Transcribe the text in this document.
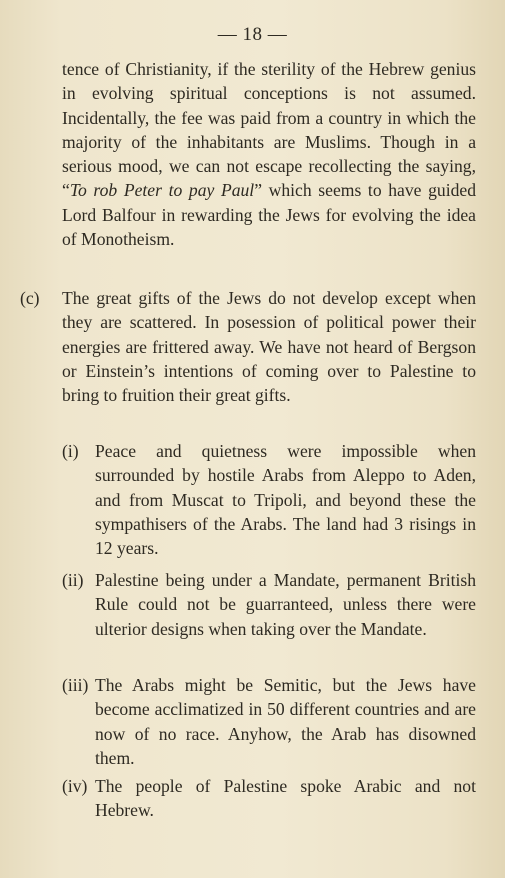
— 18 —
tence of Christianity, if the sterility of the Hebrew genius in evolving spiritual conceptions is not assumed. Incidentally, the fee was paid from a country in which the majority of the inhabitants are Muslims. Though in a serious mood, we can not escape recollecting the saying, “To rob Peter to pay Paul” which seems to have guided Lord Balfour in rewarding the Jews for evolving the idea of Monotheism.
(c) The great gifts of the Jews do not develop except when they are scattered. In posession of political power their energies are frittered away. We have not heard of Bergson or Einstein’s intentions of coming over to Palestine to bring to fruition their great gifts.
(i) Peace and quietness were impossible when surrounded by hostile Arabs from Aleppo to Aden, and from Muscat to Tripoli, and beyond these the sympathisers of the Arabs. The land had 3 risings in 12 years.
(ii) Palestine being under a Mandate, permanent British Rule could not be guarranteed, unless there were ulterior designs when taking over the Mandate.
(iii) The Arabs might be Semitic, but the Jews have become acclimatized in 50 different countries and are now of no race. Anyhow, the Arab has disowned them.
(iv) The people of Palestine spoke Arabic and not Hebrew.
